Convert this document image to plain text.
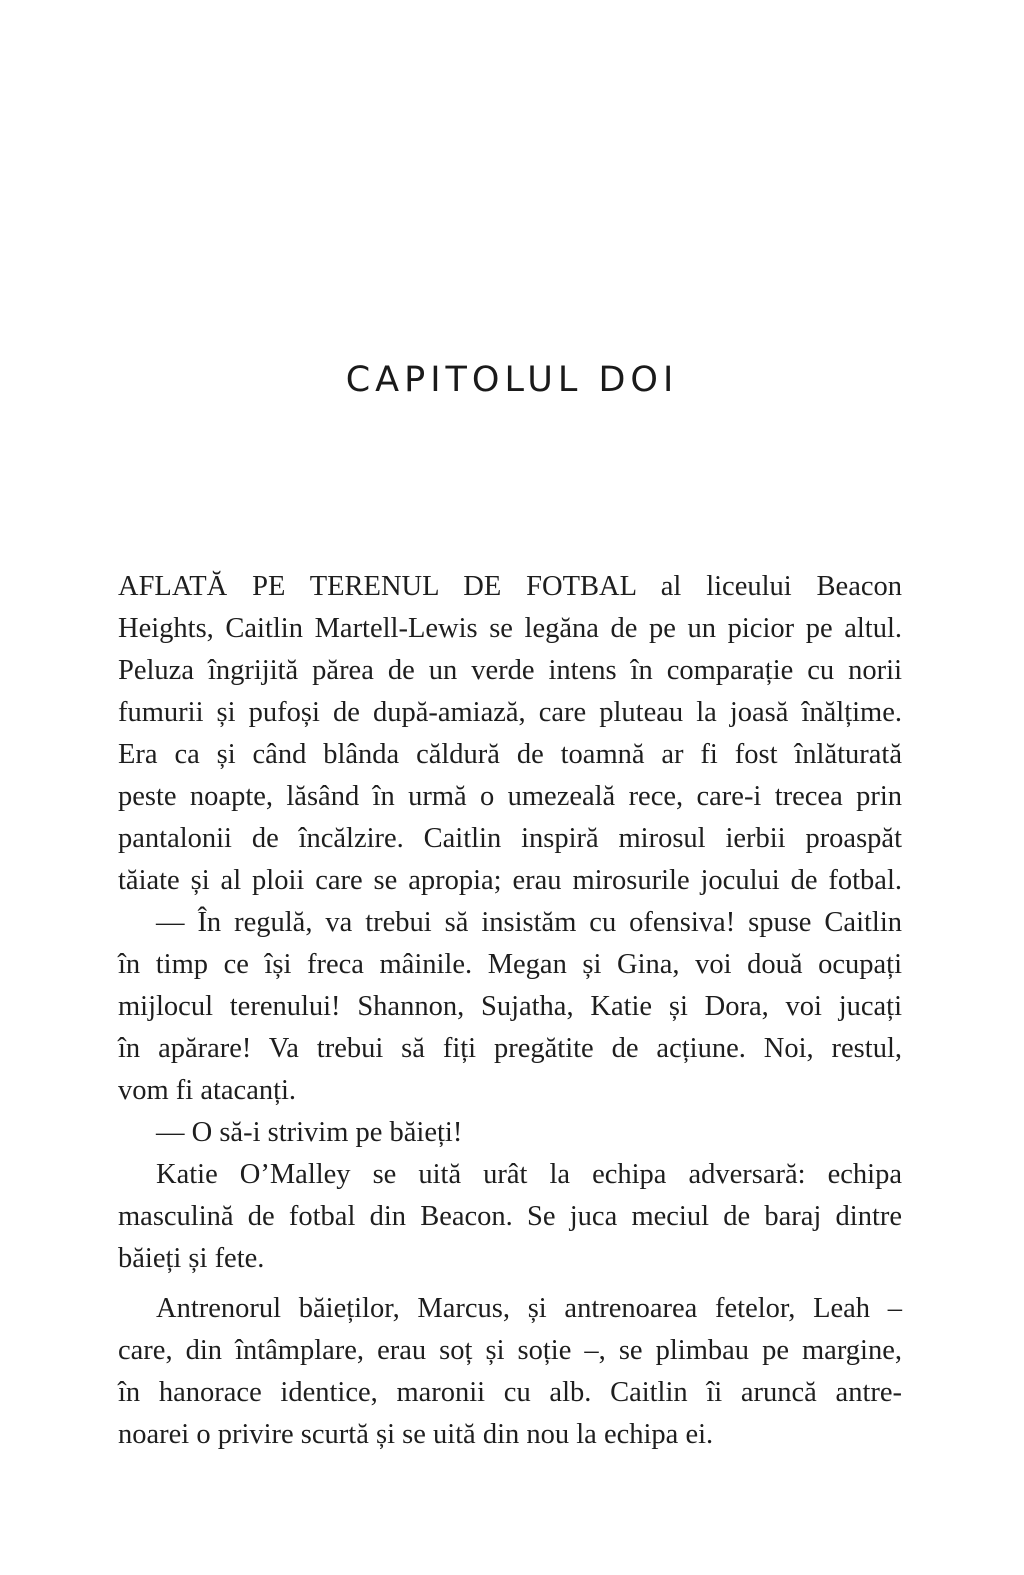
CAPITOLUL DOI
AFLATĂ PE TERENUL DE FOTBAL al liceului Beacon
Heights, Caitlin Martell-Lewis se legăna de pe un picior pe altul.
Peluza îngrijită părea de un verde intens în comparație cu norii
fumurii și pufoși de după-amiază, care pluteau la joasă înălțime.
Era ca și când blânda căldură de toamnă ar fi fost înlăturată
peste noapte, lăsând în urmă o umezeală rece, care-i trecea prin
pantalonii de încălzire. Caitlin inspiră mirosul ierbii proaspăt
tăiate și al ploii care se apropia; erau mirosurile jocului de fotbal.
— În regulă, va trebui să insistăm cu ofensiva! spuse Caitlin
în timp ce își freca mâinile. Megan și Gina, voi două ocupați
mijlocul terenului! Shannon, Sujatha, Katie și Dora, voi jucați
în apărare! Va trebui să fiți pregătite de acțiune. Noi, restul,
vom fi atacanți.
— O să-i strivim pe băieți!
Katie O’Malley se uită urât la echipa adversară: echipa
masculină de fotbal din Beacon. Se juca meciul de baraj dintre
băieți și fete.
Antrenorul băieților, Marcus, și antrenoarea fetelor, Leah –
care, din întâmplare, erau soț și soție –, se plimbau pe margine,
în hanorace identice, maronii cu alb. Caitlin îi aruncă antre-
noarei o privire scurtă și se uită din nou la echipa ei.
